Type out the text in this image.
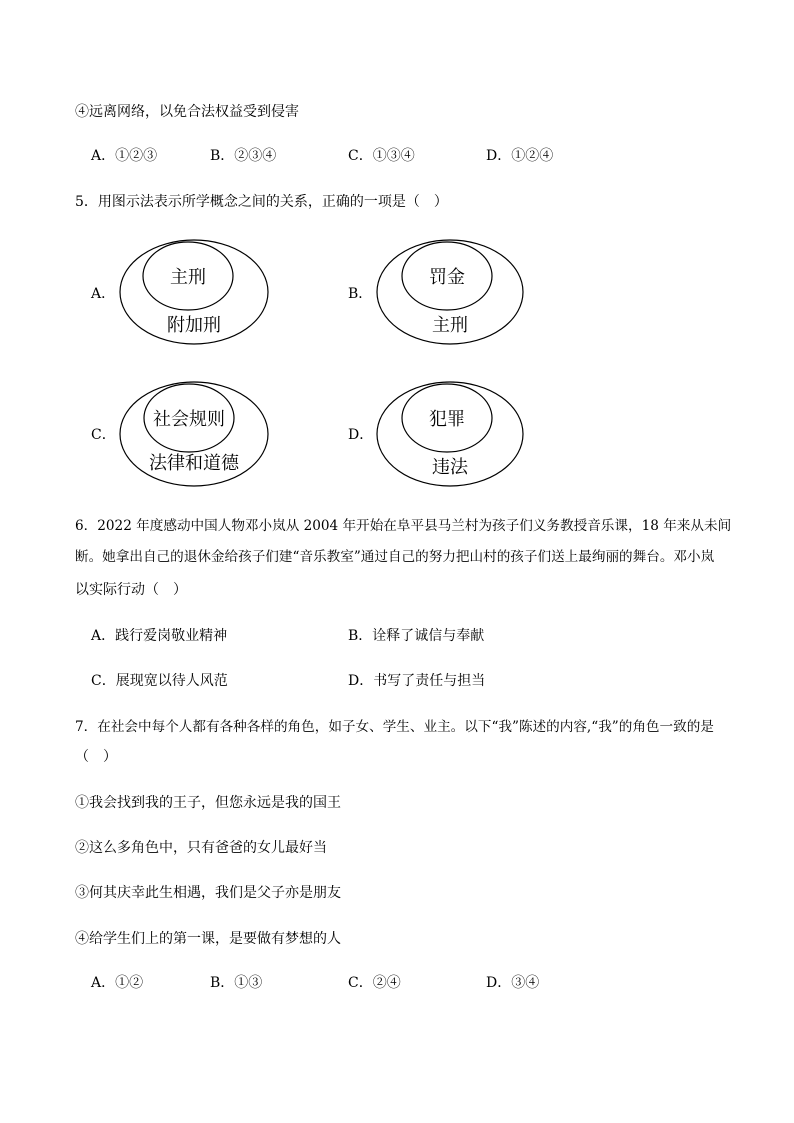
④远离网络，以免合法权益受到侵害
A．①②③	B．②③④	C．①③④	D．①②④
5．用图示法表示所学概念之间的关系，正确的一项是（　）
A．
主刑
附加刑
B．
罚金
主刑
C．
社会规则
法律和道德
D．
犯罪
违法
6．2022 年度感动中国人物邓小岚从 2004 年开始在阜平县马兰村为孩子们义务教授音乐课，18 年来从未间
断。她拿出自己的退休金给孩子们建“音乐教室”通过自己的努力把山村的孩子们送上最绚丽的舞台。邓小岚
以实际行动（　）
A．践行爱岗敬业精神	B．诠释了诚信与奉献
C．展现宽以待人风范	D．书写了责任与担当
7．在社会中每个人都有各种各样的角色，如子女、学生、业主。以下“我”陈述的内容,“我”的角色一致的是
（　）
①我会找到我的王子，但您永远是我的国王
②这么多角色中，只有爸爸的女儿最好当
③何其庆幸此生相遇，我们是父子亦是朋友
④给学生们上的第一课，是要做有梦想的人
A．①②	B．①③	C．②④	D．③④
